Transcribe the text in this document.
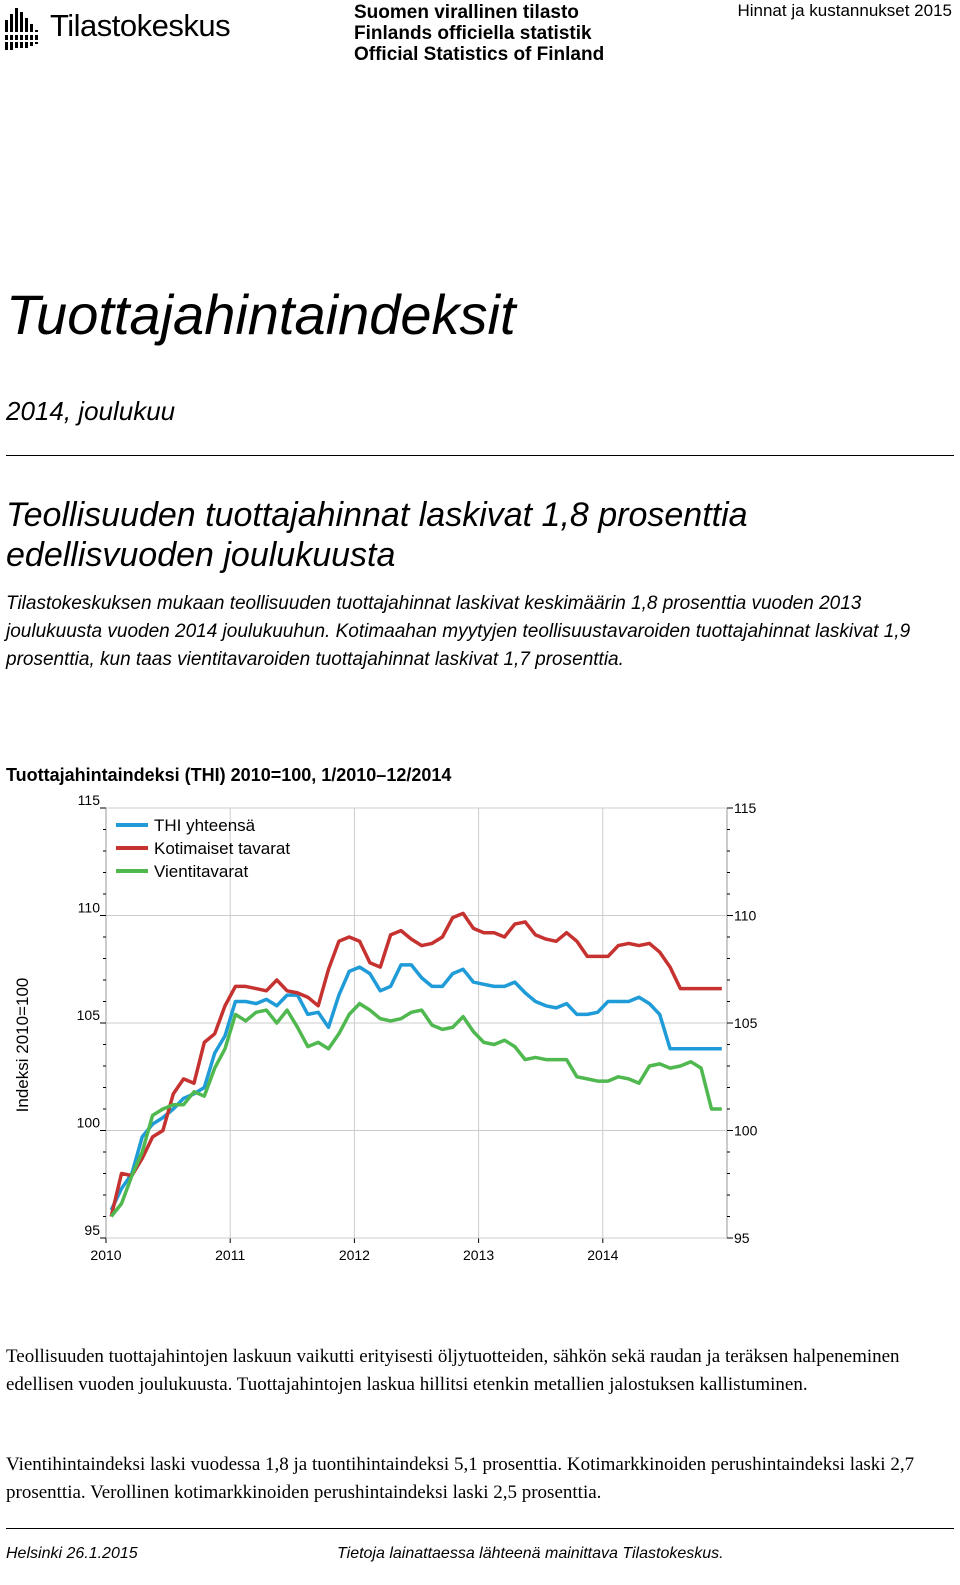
Tilastokeskus	Suomen virallinen tilasto
Finlands officiella statistik
Official Statistics of Finland
Hinnat ja kustannukset 2015
Tuottajahintaindeksit
2014, joulukuu
Teollisuuden tuottajahinnat laskivat 1,8 prosenttia edellisvuoden joulukuusta

Tilastokeskuksen mukaan teollisuuden tuottajahinnat laskivat keskimäärin 1,8 prosenttia vuoden 2013 joulukuusta vuoden 2014 joulukuuhun. Kotimaahan myytyjen teollisuustavaroiden tuottajahinnat laskivat 1,9 prosenttia, kun taas vientitavaroiden tuottajahinnat laskivat 1,7 prosenttia.

Tuottajahintaindeksi (THI) 2010=100, 1/2010–12/2014
2010	2011	2012	2013	2014
95	95
100	100
105	105
110	110
115	115
Indeksi 2010=100
THI yhteensä
Kotimaiset tavarat
Vientitavarat

Teollisuuden tuottajahintojen laskuun vaikutti erityisesti öljytuotteiden, sähkön sekä raudan ja teräksen halpeneminen edellisen vuoden joulukuusta. Tuottajahintojen laskua hillitsi etenkin metallien jalostuksen kallistuminen.

Vientihintaindeksi laski vuodessa 1,8 ja tuontihintaindeksi 5,1 prosenttia. Kotimarkkinoiden perushintaindeksi laski 2,7 prosenttia. Verollinen kotimarkkinoiden perushintaindeksi laski 2,5 prosenttia.

Helsinki 26.1.2015	Tietoja lainattaessa lähteenä mainittava Tilastokeskus.
